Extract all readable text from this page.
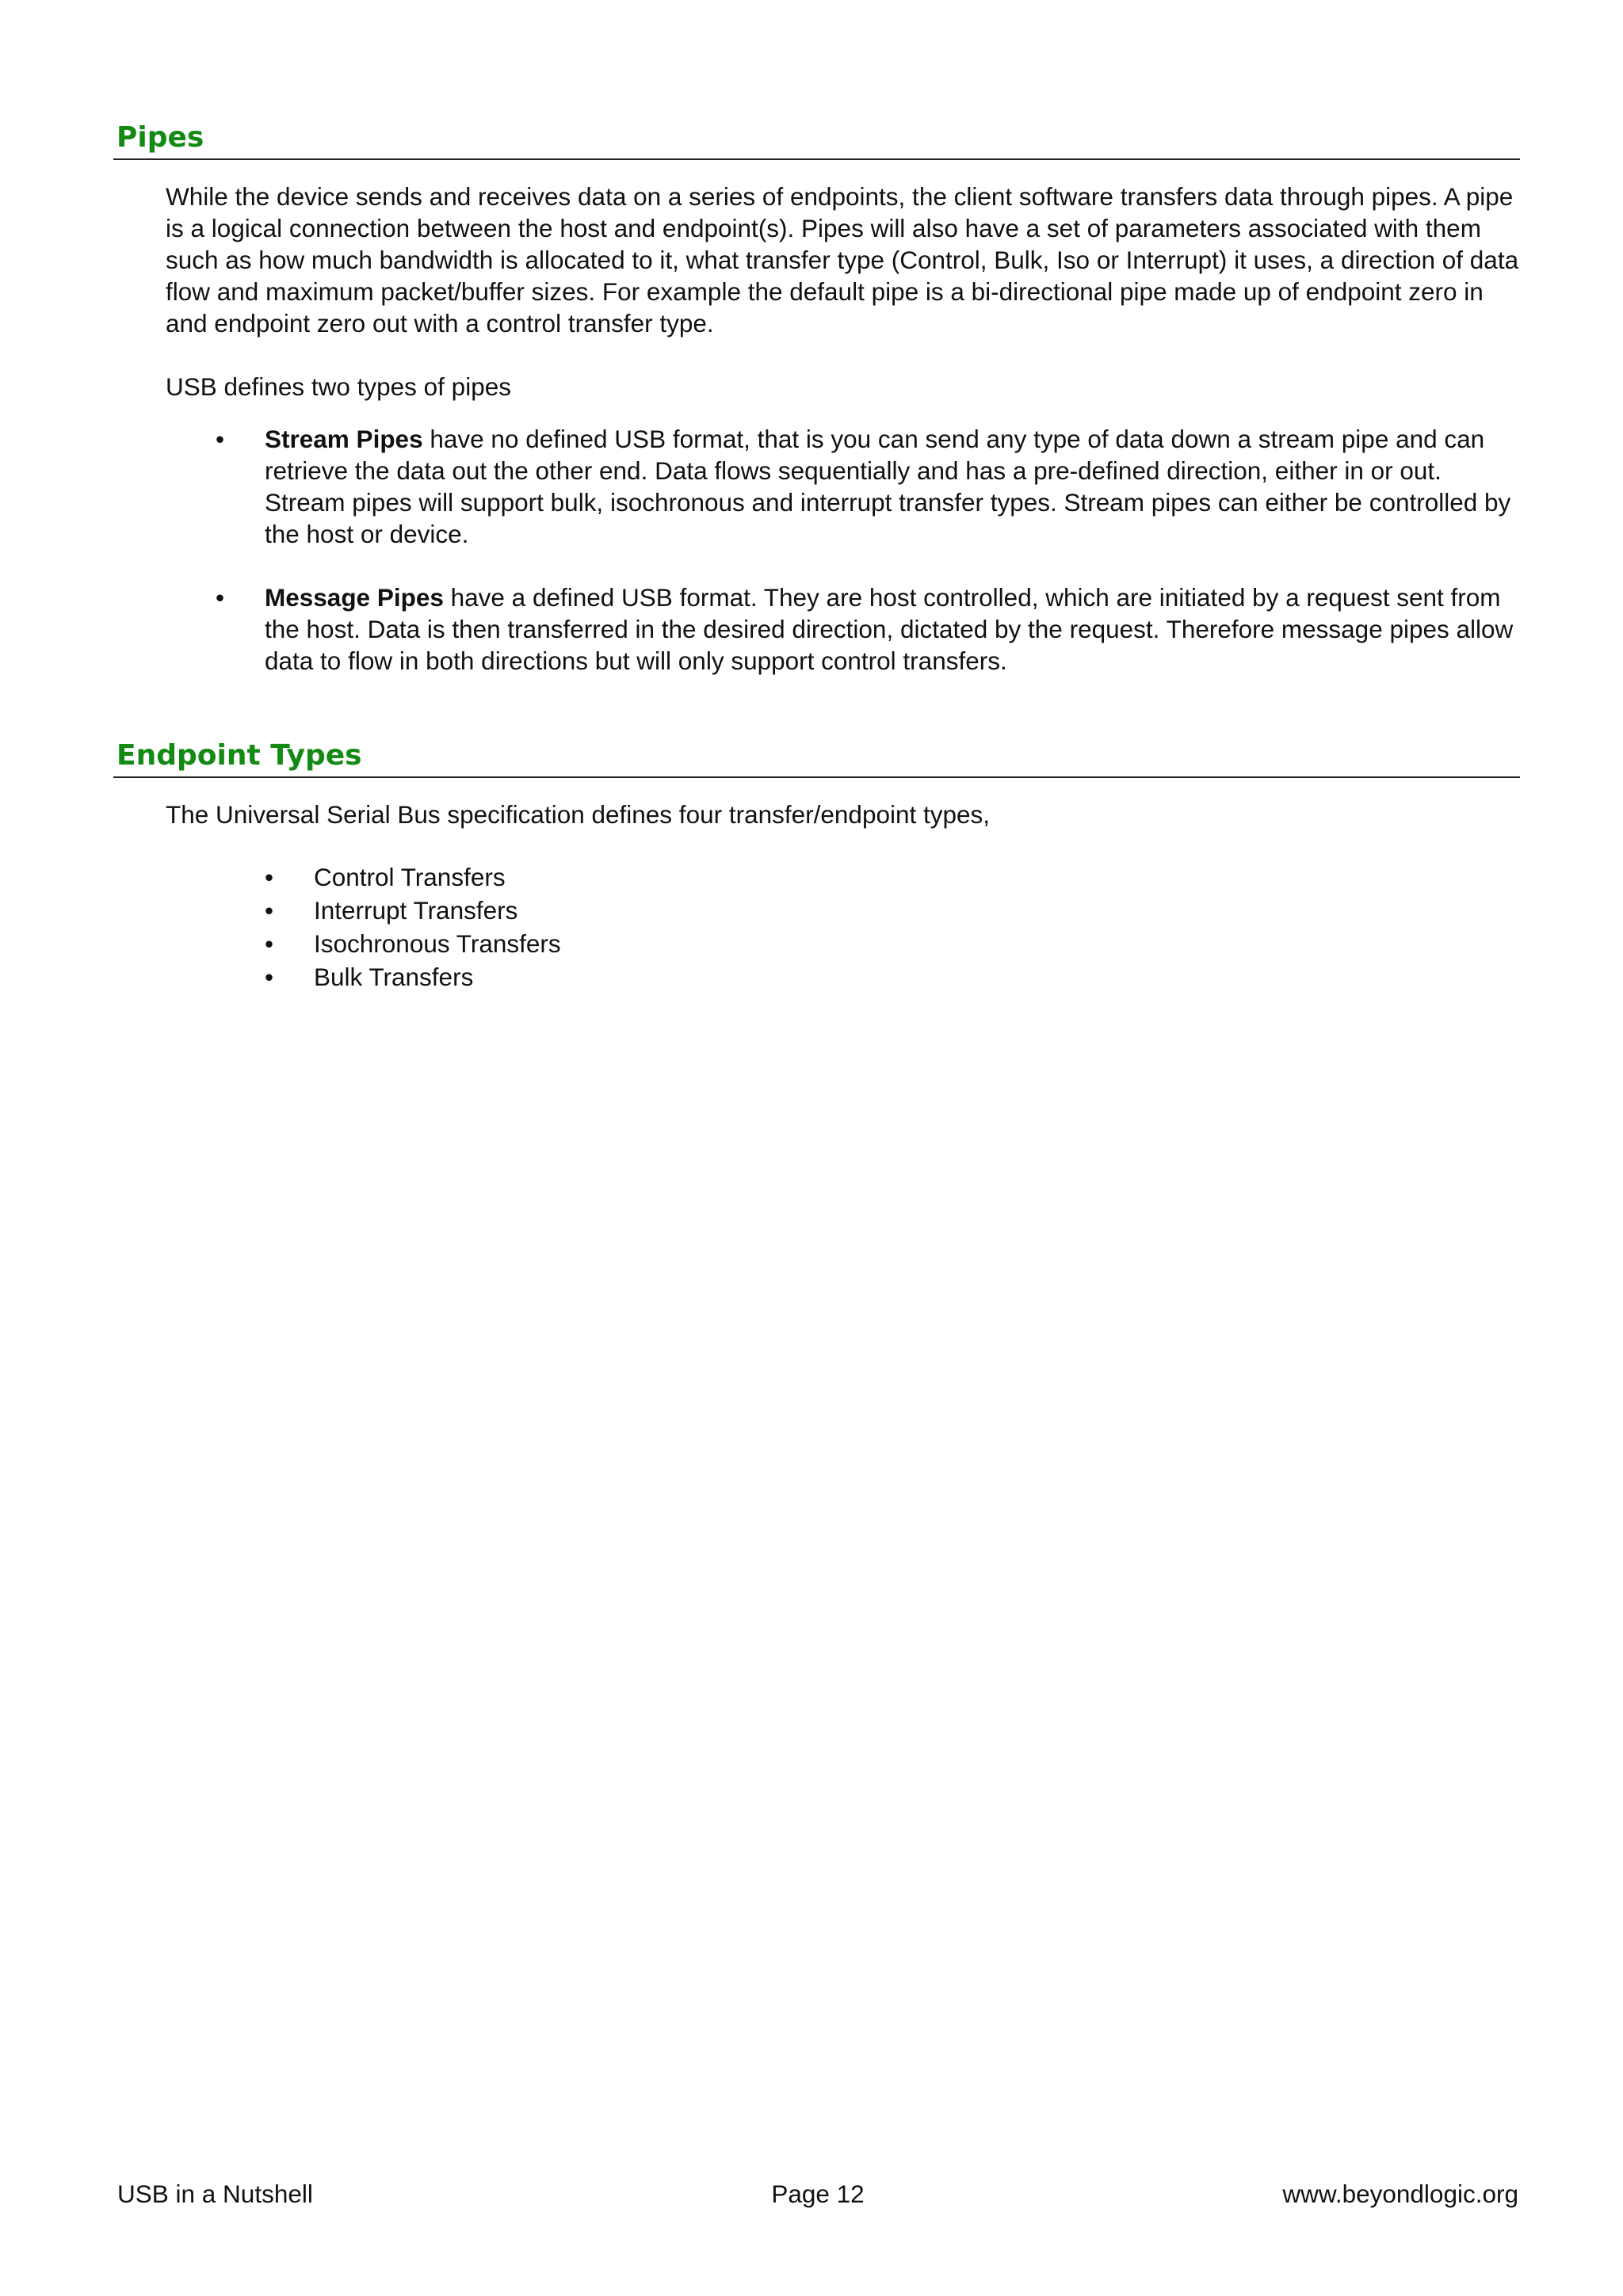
Pipes

While the device sends and receives data on a series of endpoints, the client software transfers data through pipes. A pipe is a logical connection between the host and endpoint(s). Pipes will also have a set of parameters associated with them such as how much bandwidth is allocated to it, what transfer type (Control, Bulk, Iso or Interrupt) it uses, a direction of data flow and maximum packet/buffer sizes. For example the default pipe is a bi-directional pipe made up of endpoint zero in and endpoint zero out with a control transfer type.

USB defines two types of pipes

• Stream Pipes have no defined USB format, that is you can send any type of data down a stream pipe and can retrieve the data out the other end. Data flows sequentially and has a pre-defined direction, either in or out. Stream pipes will support bulk, isochronous and interrupt transfer types. Stream pipes can either be controlled by the host or device.
• Message Pipes have a defined USB format. They are host controlled, which are initiated by a request sent from the host. Data is then transferred in the desired direction, dictated by the request. Therefore message pipes allow data to flow in both directions but will only support control transfers.
Endpoint Types

The Universal Serial Bus specification defines four transfer/endpoint types,

• Control Transfers
• Interrupt Transfers
• Isochronous Transfers
• Bulk Transfers
USB in a Nutshell	Page 12	www.beyondlogic.org
